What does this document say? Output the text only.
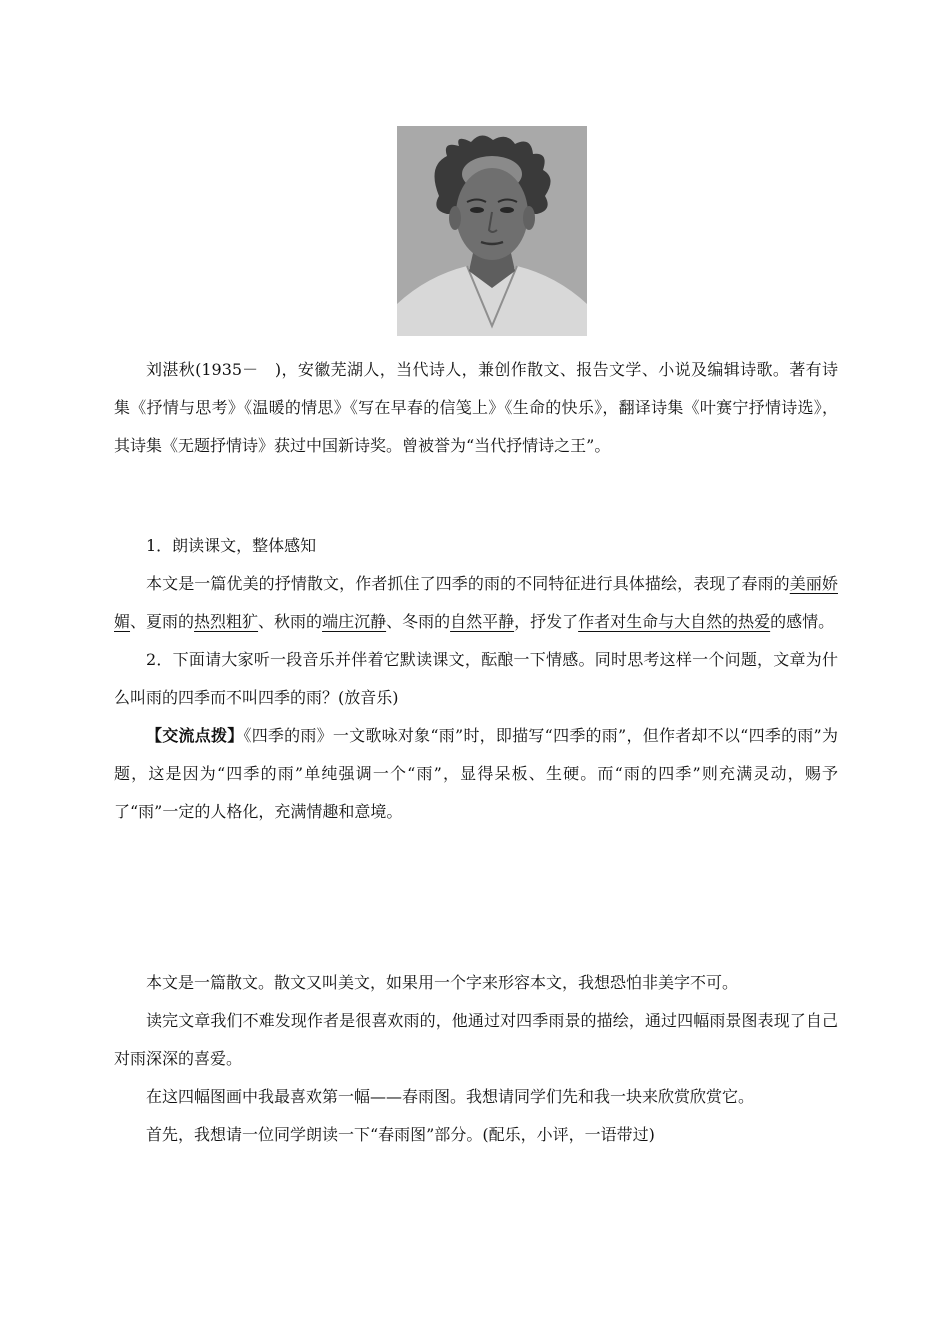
刘湛秋(1935－　)，安徽芜湖人，当代诗人，兼创作散文、报告文学、小说及编辑诗歌。著有诗集《抒情与思考》《温暖的情思》《写在早春的信笺上》《生命的快乐》，翻译诗集《叶赛宁抒情诗选》，其诗集《无题抒情诗》获过中国新诗奖。曾被誉为“当代抒情诗之王”。

1．朗读课文，整体感知

本文是一篇优美的抒情散文，作者抓住了四季的雨的不同特征进行具体描绘，表现了春雨的美丽娇媚、夏雨的热烈粗犷、秋雨的端庄沉静、冬雨的自然平静，抒发了作者对生命与大自然的热爱的感情。

2．下面请大家听一段音乐并伴着它默读课文，酝酿一下情感。同时思考这样一个问题，文章为什么叫雨的四季而不叫四季的雨？(放音乐)

【交流点拨】《四季的雨》一文歌咏对象“雨”时，即描写“四季的雨”，但作者却不以“四季的雨”为题，这是因为“四季的雨”单纯强调一个“雨”，显得呆板、生硬。而“雨的四季”则充满灵动，赐予了“雨”一定的人格化，充满情趣和意境。

本文是一篇散文。散文又叫美文，如果用一个字来形容本文，我想恐怕非美字不可。

读完文章我们不难发现作者是很喜欢雨的，他通过对四季雨景的描绘，通过四幅雨景图表现了自己对雨深深的喜爱。

在这四幅图画中我最喜欢第一幅——春雨图。我想请同学们先和我一块来欣赏欣赏它。

首先，我想请一位同学朗读一下“春雨图”部分。(配乐，小评，一语带过)
